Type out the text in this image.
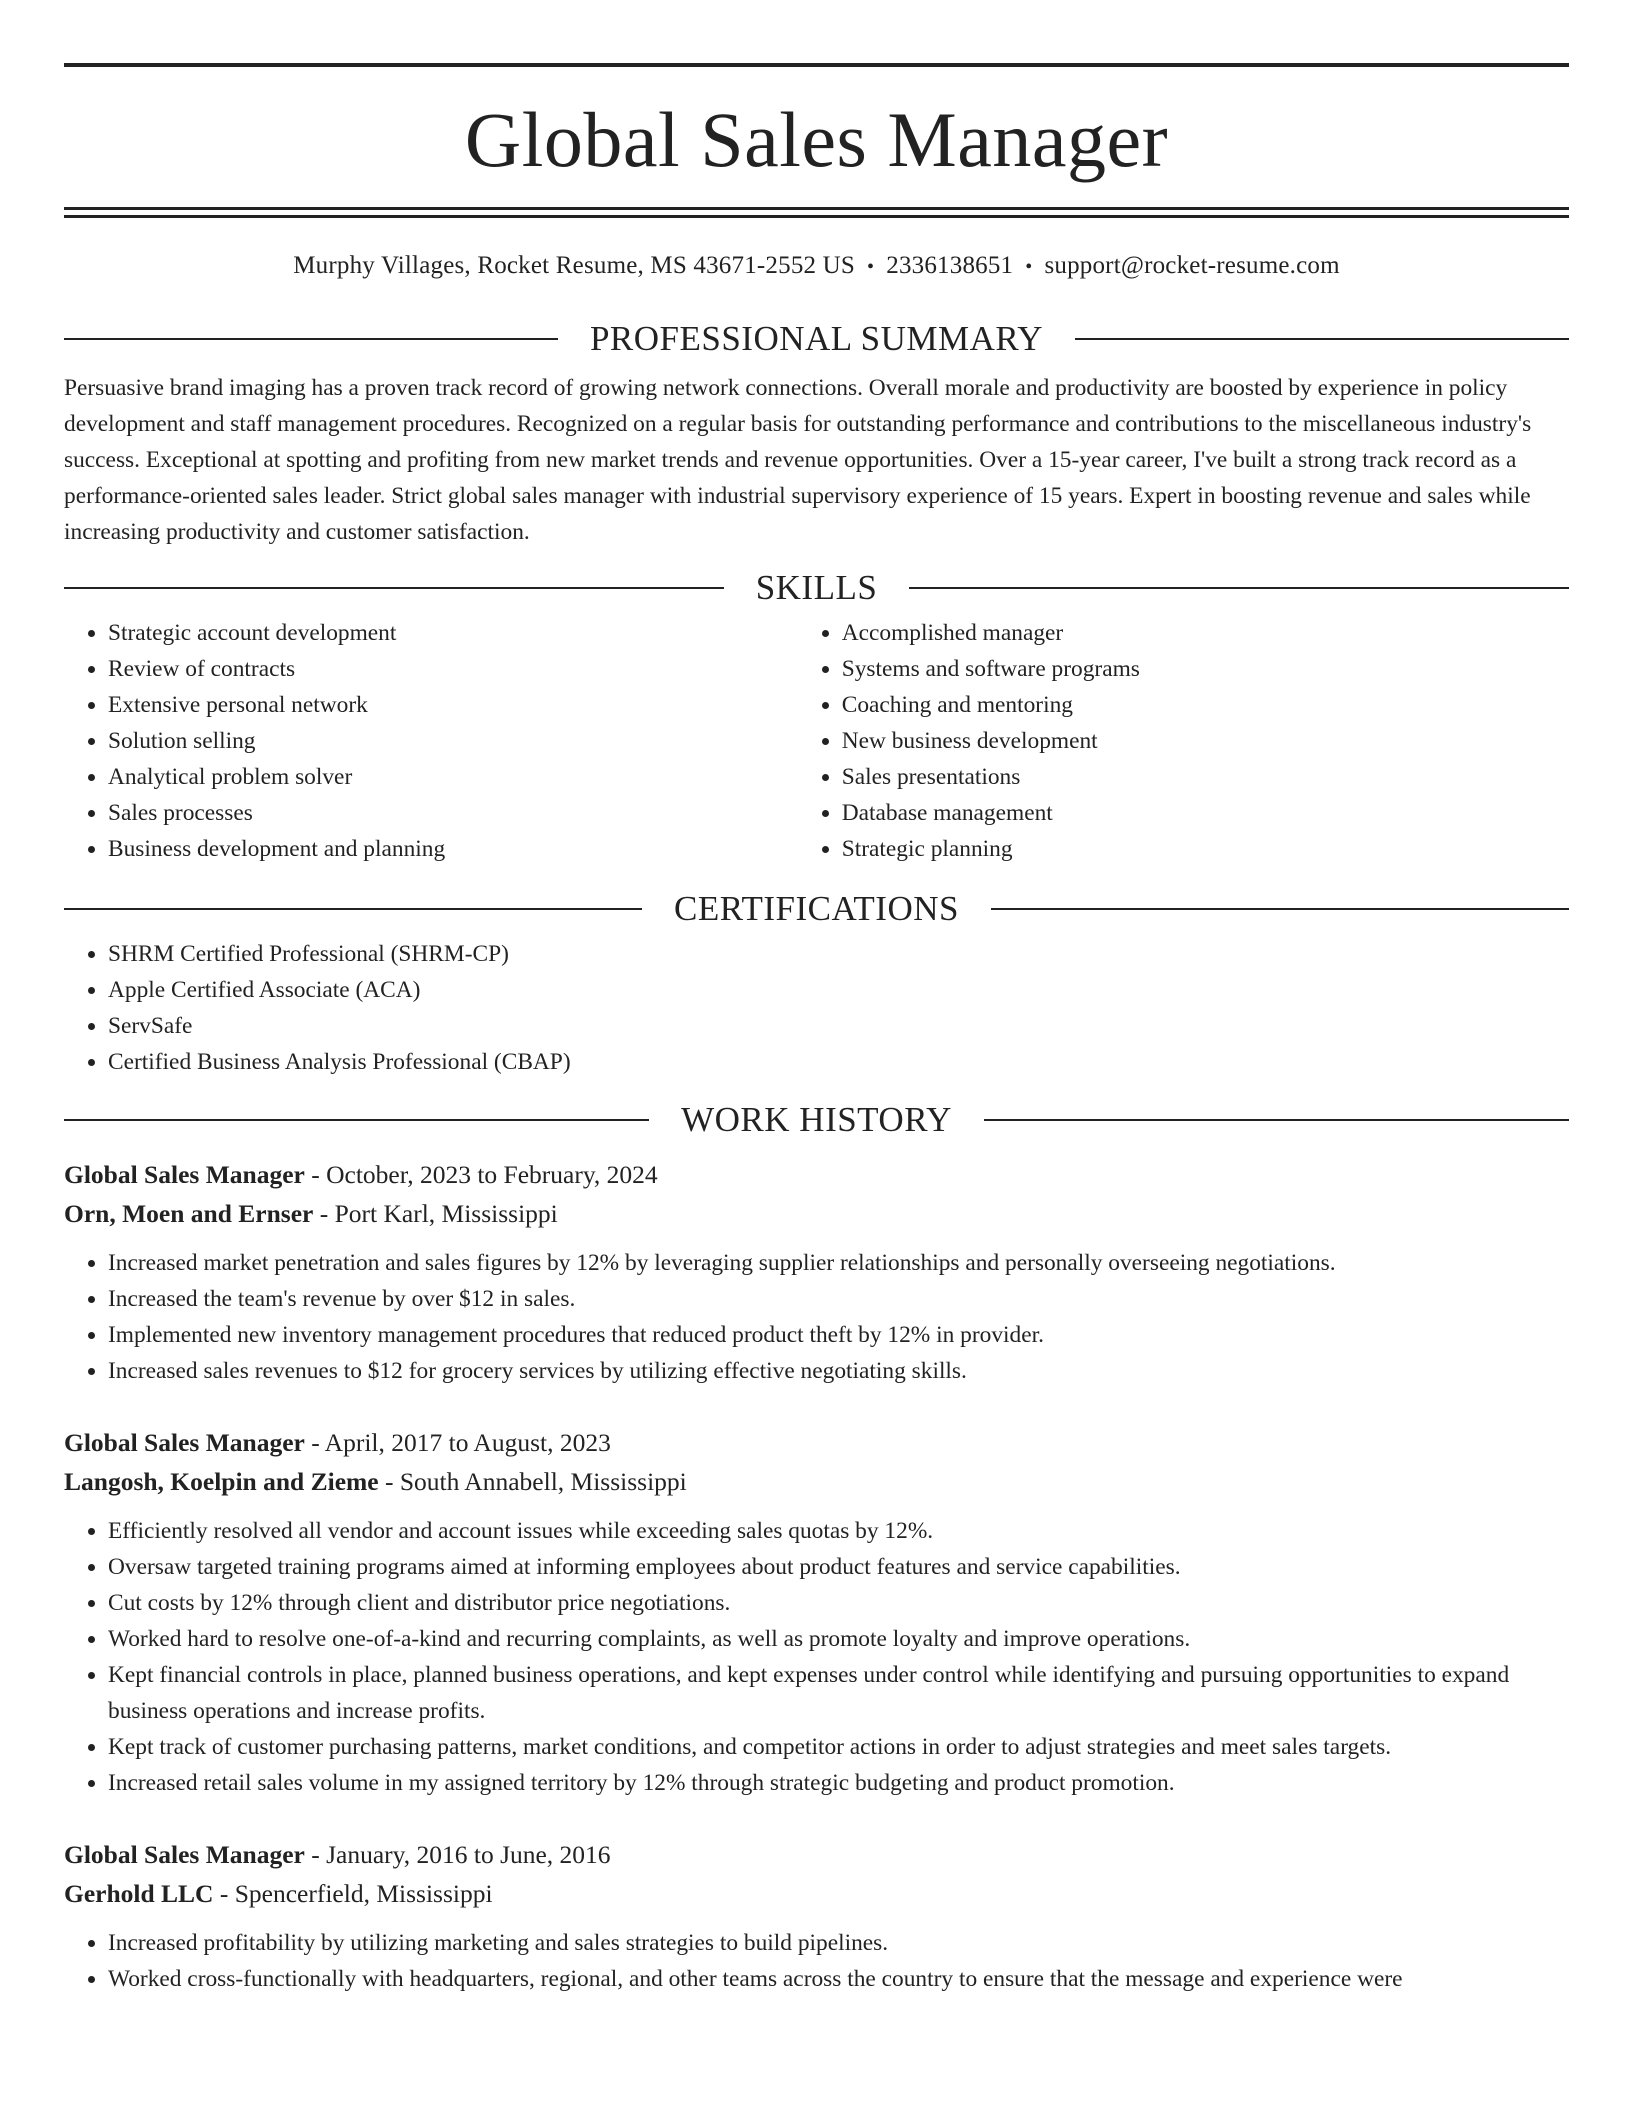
Global Sales Manager
Murphy Villages, Rocket Resume, MS 43671-2552 US • 2336138651 • support@rocket-resume.com
PROFESSIONAL SUMMARY

Persuasive brand imaging has a proven track record of growing network connections. Overall morale and productivity are boosted by experience in policy development and staff management procedures. Recognized on a regular basis for outstanding performance and contributions to the miscellaneous industry's success. Exceptional at spotting and profiting from new market trends and revenue opportunities. Over a 15-year career, I've built a strong track record as a performance-oriented sales leader. Strict global sales manager with industrial supervisory experience of 15 years. Expert in boosting revenue and sales while increasing productivity and customer satisfaction.

SKILLS
• Strategic account development
• Review of contracts
• Extensive personal network
• Solution selling
• Analytical problem solver
• Sales processes
• Business development and planning
• Accomplished manager
• Systems and software programs
• Coaching and mentoring
• New business development
• Sales presentations
• Database management
• Strategic planning
CERTIFICATIONS
• SHRM Certified Professional (SHRM-CP)
• Apple Certified Associate (ACA)
• ServSafe
• Certified Business Analysis Professional (CBAP)
WORK HISTORY
Global Sales Manager - October, 2023 to February, 2024
Orn, Moen and Ernser - Port Karl, Mississippi
• Increased market penetration and sales figures by 12% by leveraging supplier relationships and personally overseeing negotiations.
• Increased the team's revenue by over $12 in sales.
• Implemented new inventory management procedures that reduced product theft by 12% in provider.
• Increased sales revenues to $12 for grocery services by utilizing effective negotiating skills.
Global Sales Manager - April, 2017 to August, 2023
Langosh, Koelpin and Zieme - South Annabell, Mississippi
• Efficiently resolved all vendor and account issues while exceeding sales quotas by 12%.
• Oversaw targeted training programs aimed at informing employees about product features and service capabilities.
• Cut costs by 12% through client and distributor price negotiations.
• Worked hard to resolve one-of-a-kind and recurring complaints, as well as promote loyalty and improve operations.
• Kept financial controls in place, planned business operations, and kept expenses under control while identifying and pursuing opportunities to expand business operations and increase profits.
• Kept track of customer purchasing patterns, market conditions, and competitor actions in order to adjust strategies and meet sales targets.
• Increased retail sales volume in my assigned territory by 12% through strategic budgeting and product promotion.
Global Sales Manager - January, 2016 to June, 2016
Gerhold LLC - Spencerfield, Mississippi
• Increased profitability by utilizing marketing and sales strategies to build pipelines.
• Worked cross-functionally with headquarters, regional, and other teams across the country to ensure that the message and experience were
